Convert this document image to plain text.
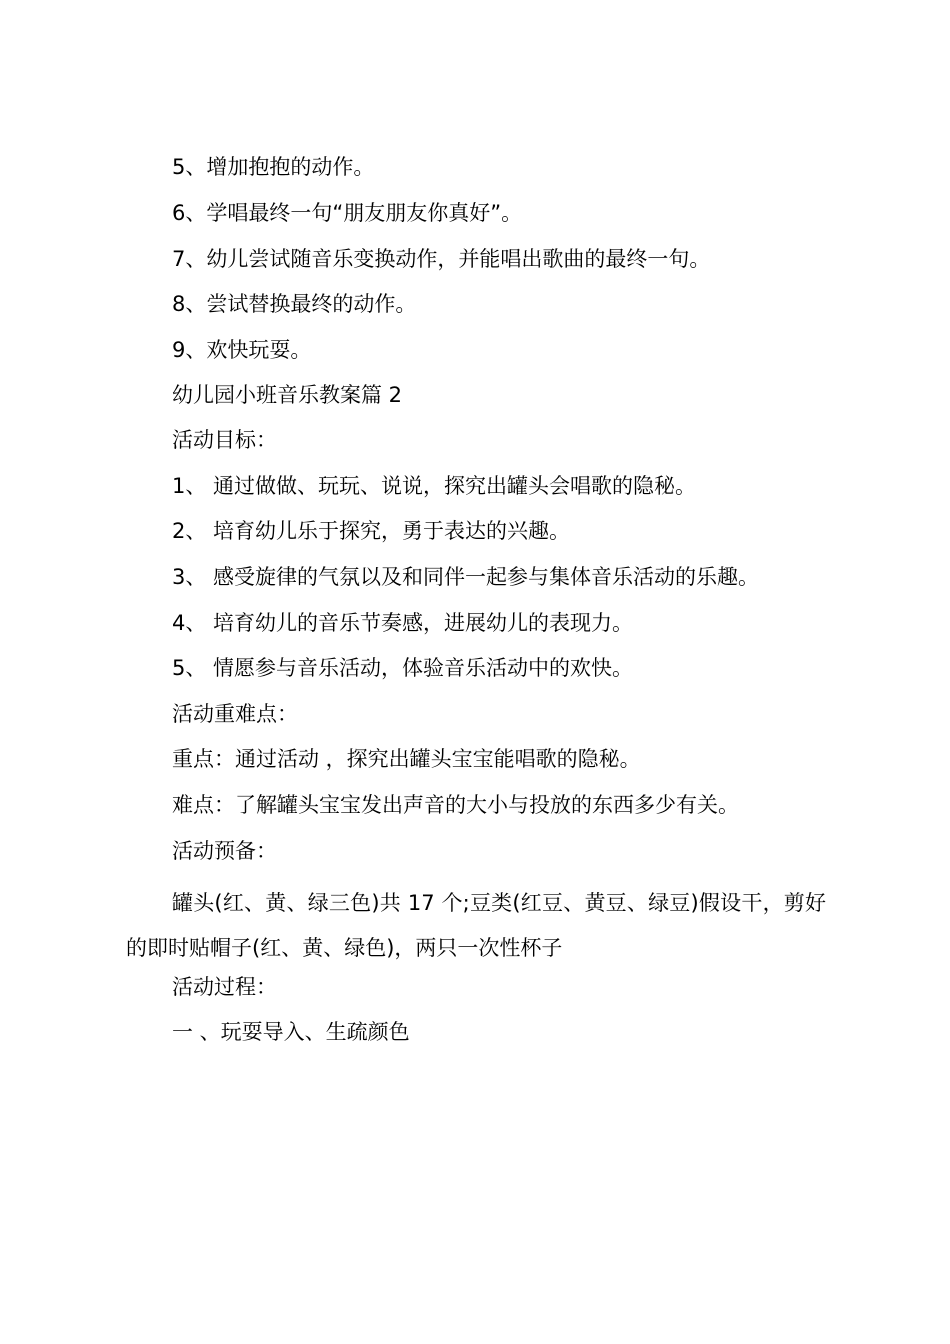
5、增加抱抱的动作。

6、学唱最终一句“朋友朋友你真好”。

7、幼儿尝试随音乐变换动作，并能唱出歌曲的最终一句。

8、尝试替换最终的动作。

9、欢快玩耍。

幼儿园小班音乐教案篇 2

活动目标：

1、 通过做做、玩玩、说说，探究出罐头会唱歌的隐秘。

2、 培育幼儿乐于探究，勇于表达的兴趣。

3、 感受旋律的气氛以及和同伴一起参与集体音乐活动的乐趣。

4、 培育幼儿的音乐节奏感，进展幼儿的表现力。

5、 情愿参与音乐活动，体验音乐活动中的欢快。

活动重难点：

重点：通过活动 ，探究出罐头宝宝能唱歌的隐秘。

难点：了解罐头宝宝发出声音的大小与投放的东西多少有关。

活动预备：

罐头(红、黄、绿三色)共 17 个;豆类(红豆、黄豆、绿豆)假设干，剪好的即时贴帽子(红、黄、绿色)，两只一次性杯子

活动过程：

一 、玩耍导入、生疏颜色
